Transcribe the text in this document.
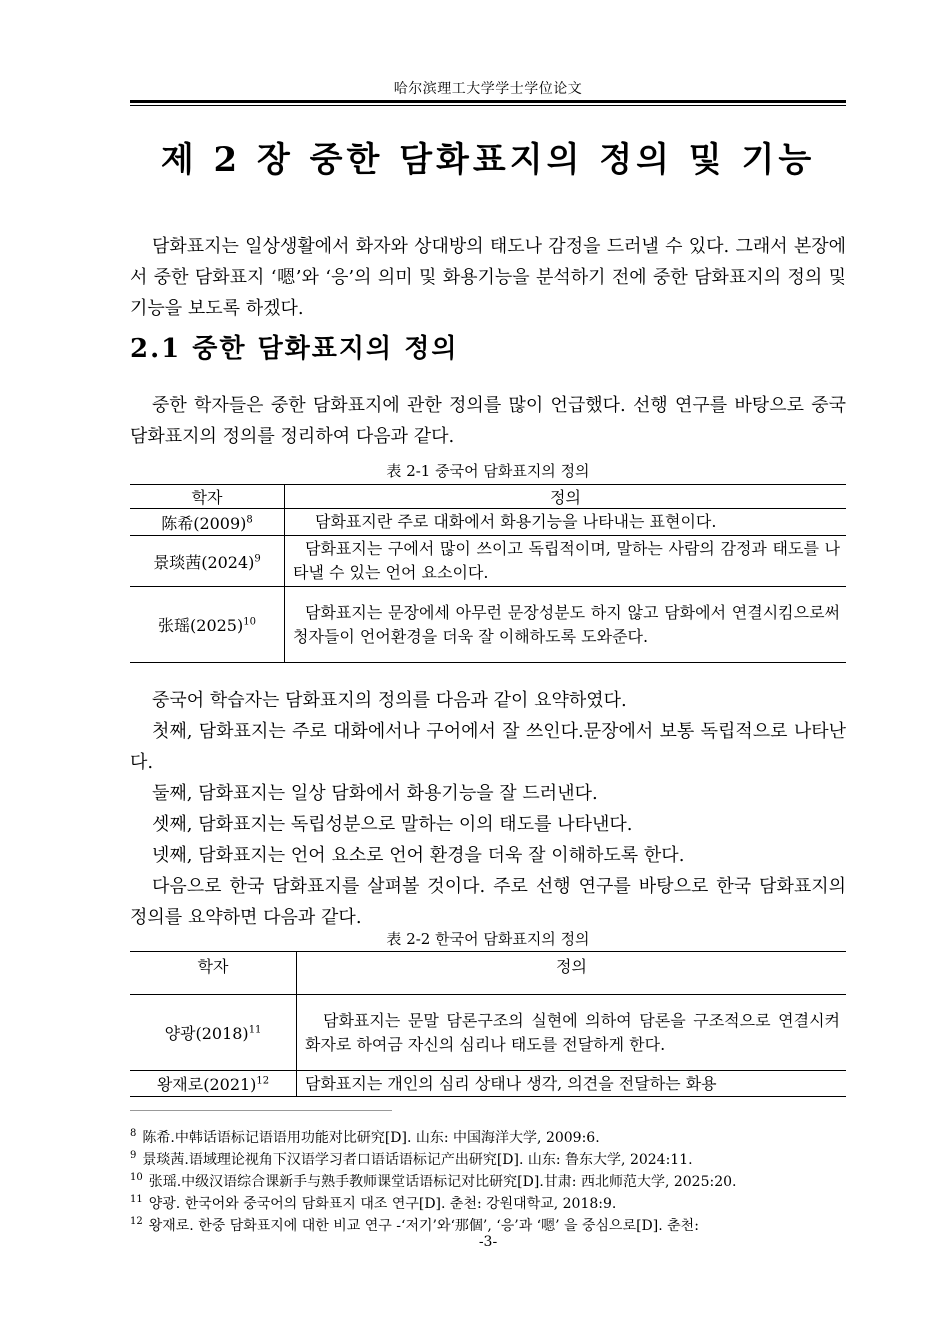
哈尔滨理工大学学士学位论文
제 2 장 중한 담화표지의 정의 및 기능

담화표지는 일상생활에서 화자와 상대방의 태도나 감정을 드러낼 수 있다. 그래서 본장에서 중한 담화표지 ‘嗯’와 ‘응’의 의미 및 화용기능을 분석하기 전에 중한 담화표지의 정의 및 기능을 보도록 하겠다.

2.1 중한 담화표지의 정의

중한 학자들은 중한 담화표지에 관한 정의를 많이 언급했다. 선행 연구를 바탕으로 중국 담화표지의 정의를 정리하여 다음과 같다.

表 2-1 중국어 담화표지의 정의
학자	정의
陈希$(2009)^8$	담화표지란 주로 대화에서 화용기능을 나타내는 표현이다.
景琰茜$(2024)^9$	담화표지는 구에서 많이 쓰이고 독립적이며, 말하는 사람의 감정과 태도를 나타낼 수 있는 언어 요소이다.
张瑶$(2025)^{10}$	담화표지는 문장에세 아무런 문장성분도 하지 않고 담화에서 연결시킴으로써 청자들이 언어환경을 더욱 잘 이해하도록 도와준다.

중국어 학습자는 담화표지의 정의를 다음과 같이 요약하였다.

첫째, 담화표지는 주로 대화에서나 구어에서 잘 쓰인다.문장에서 보통 독립적으로 나타난다.

둘째, 담화표지는 일상 담화에서 화용기능을 잘 드러낸다.

셋째, 담화표지는 독립성분으로 말하는 이의 태도를 나타낸다.

넷째, 담화표지는 언어 요소로 언어 환경을 더욱 잘 이해하도록 한다.

다음으로 한국 담화표지를 살펴볼 것이다. 주로 선행 연구를 바탕으로 한국 담화표지의 정의를 요약하면 다음과 같다.

表 2-2 한국어 담화표지의 정의
학자	정의
양광$(2018)^{11}$	담화표지는 문말 담론구조의 실현에 의하여 담론을 구조적으로 연결시켜 화자로 하여금 자신의 심리나 태도를 전달하게 한다.
왕재로$(2021)^{12}$	담화표지는 개인의 심리 상태나 생각, 의견을 전달하는 화용
$^8$ 陈希.中韩话语标记语语用功能对比研究[D]. 山东: 中国海洋大学, 2009:6.
$^9$ 景琰茜.语域理论视角下汉语学习者口语话语标记产出研究[D]. 山东: 鲁东大学, 2024:11.
$^{10}$ 张瑶.中级汉语综合课新手与熟手教师课堂话语标记对比研究[D].甘肃: 西北师范大学, 2025:20.
$^{11}$ 양광. 한국어와 중국어의 담화표지 대조 연구[D]. 춘천: 강원대학교, 2018:9.
$^{12}$ 왕재로. 한중 담화표지에 대한 비교 연구 -‘저기’와‘那個’, ‘응’과 ‘嗯’ 을 중심으로[D]. 춘천:
-3-
